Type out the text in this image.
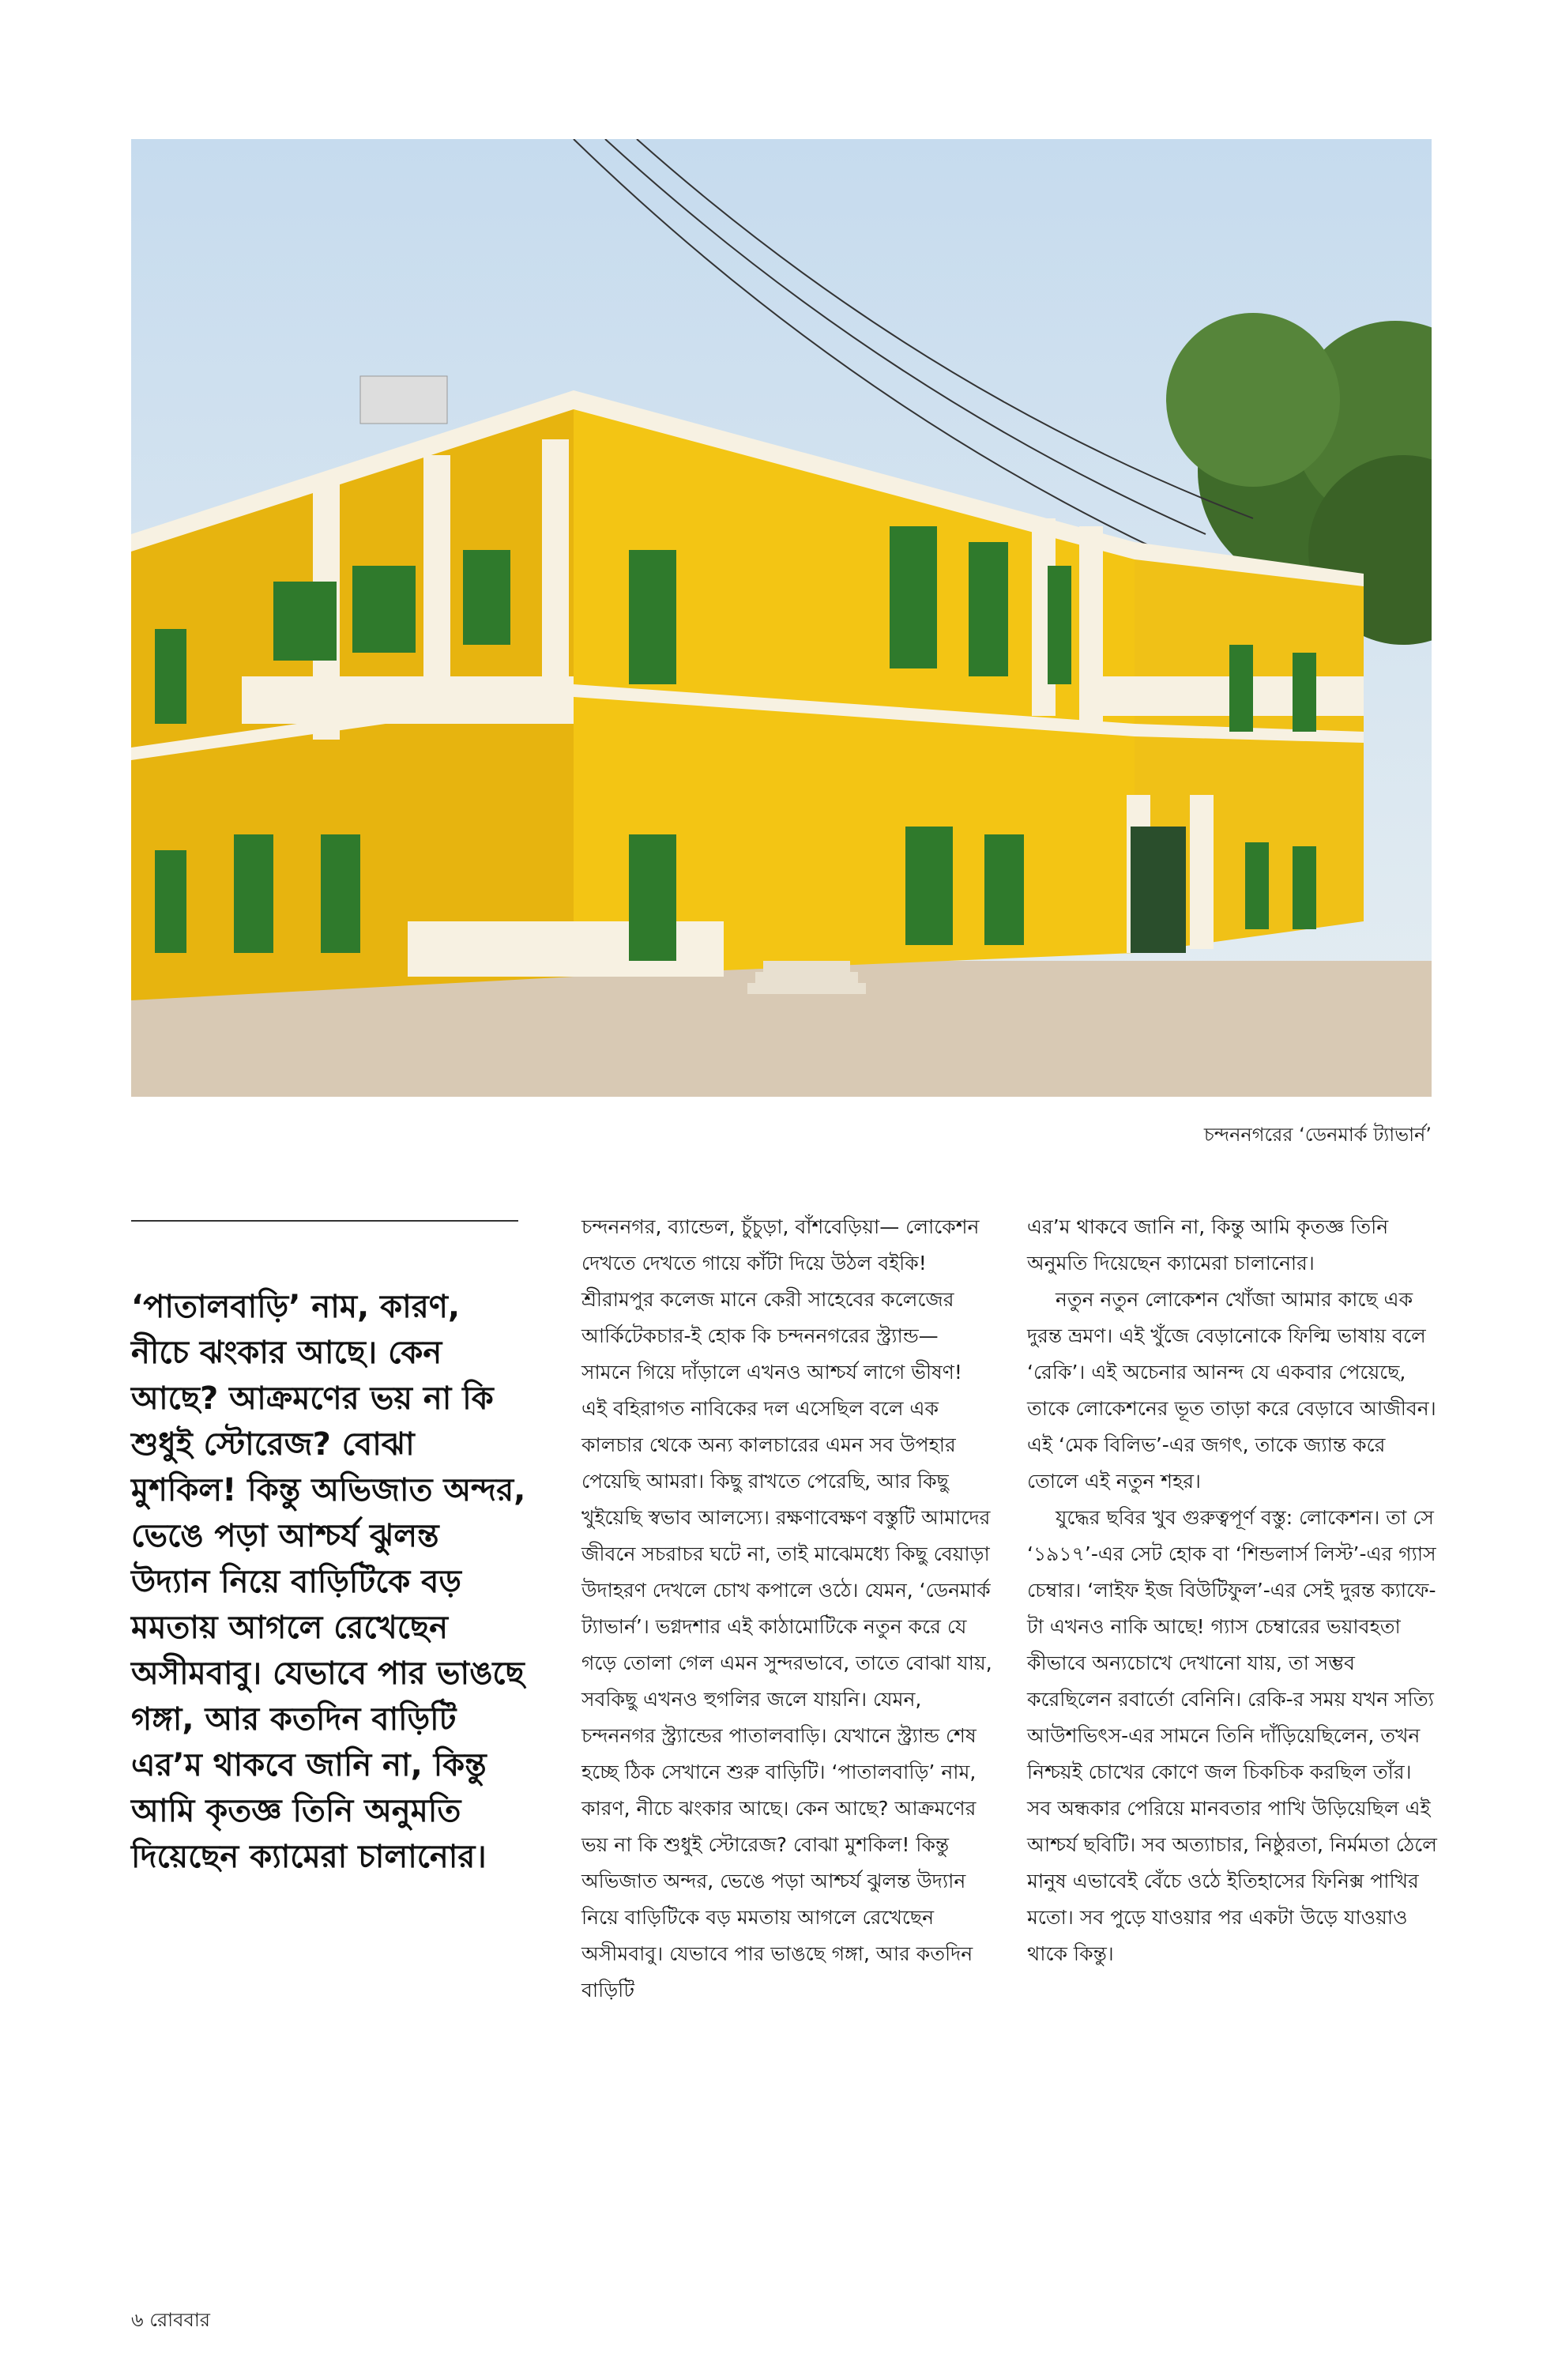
চন্দননগরের ‘ডেনমার্ক ট্যাভার্ন’

‘পাতালবাড়ি’ নাম, কারণ, নীচে ঝংকার আছে। কেন আছে? আক্রমণের ভয় না কি শুধুই স্টোরেজ? বোঝা মুশকিল! কিন্তু অভিজাত অন্দর, ভেঙে পড়া আশ্চর্য ঝুলন্ত উদ্যান নিয়ে বাড়িটিকে বড় মমতায় আগলে রেখেছেন অসীমবাবু। যেভাবে পার ভাঙছে গঙ্গা, আর কতদিন বাড়িটি এর’ম থাকবে জানি না, কিন্তু আমি কৃতজ্ঞ তিনি অনুমতি দিয়েছেন ক্যামেরা চালানোর।

চন্দননগর, ব্যান্ডেল, চুঁচুড়া, বাঁশবেড়িয়া— লোকেশন দেখতে দেখতে গায়ে কাঁটা দিয়ে উঠল বইকি! শ্রীরামপুর কলেজ মানে কেরী সাহেবের কলেজের আর্কিটেকচার-ই হোক কি চন্দননগরের স্ট্র্যান্ড— সামনে গিয়ে দাঁড়ালে এখনও আশ্চর্য লাগে ভীষণ! এই বহিরাগত নাবিকের দল এসেছিল বলে এক কালচার থেকে অন্য কালচারের এমন সব উপহার পেয়েছি আমরা। কিছু রাখতে পেরেছি, আর কিছু খুইয়েছি স্বভাব আলস্যে। রক্ষণাবেক্ষণ বস্তুটি আমাদের জীবনে সচরাচর ঘটে না, তাই মাঝেমধ্যে কিছু বেয়াড়া উদাহরণ দেখলে চোখ কপালে ওঠে। যেমন, ‘ডেনমার্ক ট্যাভার্ন’। ভগ্নদশার এই কাঠামোটিকে নতুন করে যে গড়ে তোলা গেল এমন সুন্দরভাবে, তাতে বোঝা যায়, সবকিছু এখনও হুগলির জলে যায়নি। যেমন, চন্দননগর স্ট্র্যান্ডের পাতালবাড়ি। যেখানে স্ট্র্যান্ড শেষ হচ্ছে ঠিক সেখানে শুরু বাড়িটি। ‘পাতালবাড়ি’ নাম, কারণ, নীচে ঝংকার আছে। কেন আছে? আক্রমণের ভয় না কি শুধুই স্টোরেজ? বোঝা মুশকিল! কিন্তু অভিজাত অন্দর, ভেঙে পড়া আশ্চর্য ঝুলন্ত উদ্যান নিয়ে বাড়িটিকে বড় মমতায় আগলে রেখেছেন অসীমবাবু। যেভাবে পার ভাঙছে গঙ্গা, আর কতদিন বাড়িটি

এর’ম থাকবে জানি না, কিন্তু আমি কৃতজ্ঞ তিনি অনুমতি দিয়েছেন ক্যামেরা চালানোর।

নতুন নতুন লোকেশন খোঁজা আমার কাছে এক দুরন্ত ভ্রমণ। এই খুঁজে বেড়ানোকে ফিল্মি ভাষায় বলে ‘রেকি’। এই অচেনার আনন্দ যে একবার পেয়েছে, তাকে লোকেশনের ভূত তাড়া করে বেড়াবে আজীবন। এই ‘মেক বিলিভ’-এর জগৎ, তাকে জ্যান্ত করে তোলে এই নতুন শহর।

যুদ্ধের ছবির খুব গুরুত্বপূর্ণ বস্তু: লোকেশন। তা সে ‘১৯১৭’-এর সেট হোক বা ‘শিন্ডলার্স লিস্ট’-এর গ্যাস চেম্বার। ‘লাইফ ইজ বিউটিফুল’-এর সেই দুরন্ত ক্যাফে-টা এখনও নাকি আছে! গ্যাস চেম্বারের ভয়াবহতা কীভাবে অন্যচোখে দেখানো যায়, তা সম্ভব করেছিলেন রবার্তো বেনিনি। রেকি-র সময় যখন সত্যি আউশভিৎস-এর সামনে তিনি দাঁড়িয়েছিলেন, তখন নিশ্চয়ই চোখের কোণে জল চিকচিক করছিল তাঁর। সব অন্ধকার পেরিয়ে মানবতার পাখি উড়িয়েছিল এই আশ্চর্য ছবিটি। সব অত্যাচার, নিষ্ঠুরতা, নির্মমতা ঠেলে মানুষ এভাবেই বেঁচে ওঠে ইতিহাসের ফিনিক্স পাখির মতো। সব পুড়ে যাওয়ার পর একটা উড়ে যাওয়াও থাকে কিন্তু।

৬ রোববার
